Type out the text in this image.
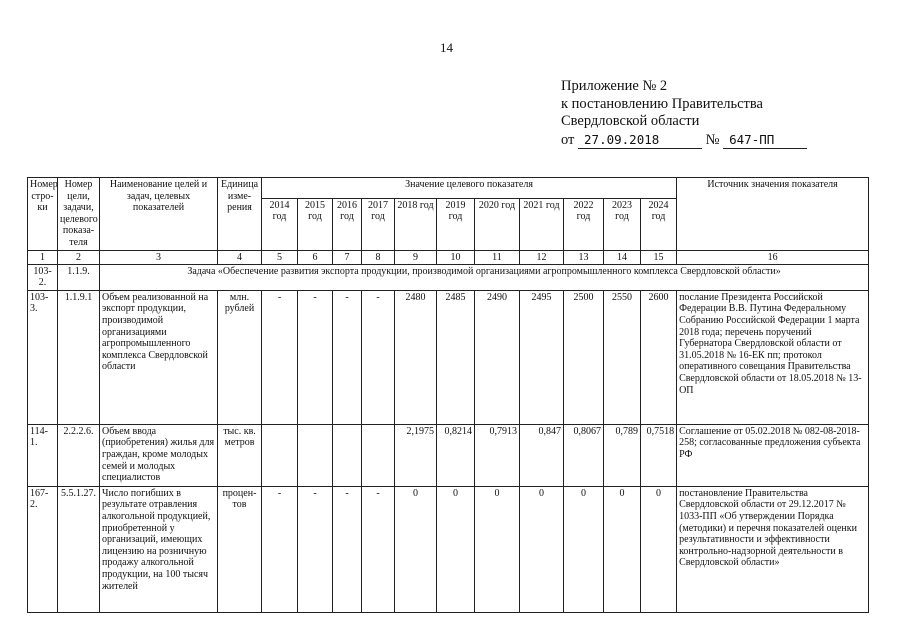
14
Приложение № 2
к постановлению Правительства
Свердловской области
от 27.09.2018	№ 647-ПП
Номер стро-ки	Номер цели, задачи, целевого показа-теля	Наименование целей и задач, целевых показателей	Единица изме-рения	Значение целевого показателя											Источник значения показателя
				2014 год	2015 год	2016 год	2017 год	2018 год	2019 год	2020 год	2021 год	2022 год	2023 год	2024 год	
1	2	3	4	5	6	7	8	9	10	11	12	13	14	15	16
103-2.	1.1.9.	Задача «Обеспечение развития экспорта продукции, производимой организациями агропромышленного комплекса Свердловской области»													
103-3.	1.1.9.1	Объем реализованной на экспорт продукции, производимой организациями агропромышленного комплекса Свердловской области	млн. рублей	-	-	-	-	2480	2485	2490	2495	2500	2550	2600	послание Президента Российской Федерации В.В. Путина Федеральному Собранию Российской Федерации 1 марта 2018 года; перечень поручений Губернатора Свердловской области от 31.05.2018 № 16-ЕК пп; протокол оперативного совещания Правительства Свердловской области от 18.05.2018 № 13-ОП
114-1.	2.2.2.6.	Объем ввода (приобретения) жилья для граждан, кроме молодых семей и молодых специалистов	тыс. кв. метров					2,1975	0,8214	0,7913	0,847	0,8067	0,789	0,7518	Соглашение от 05.02.2018 № 082-08-2018-258; согласованные предложения субъекта РФ
167-2.	5.5.1.27.	Число погибших в результате отравления алкогольной продукцией, приобретенной у организаций, имеющих лицензию на розничную продажу алкогольной продукции, на 100 тысяч жителей	процен-тов	-	-	-	-	0	0	0	0	0	0	0	постановление Правительства Свердловской области от 29.12.2017 № 1033-ПП «Об утверждении Порядка (методики) и перечня показателей оценки результативности и эффективности контрольно-надзорной деятельности в Свердловской области»
